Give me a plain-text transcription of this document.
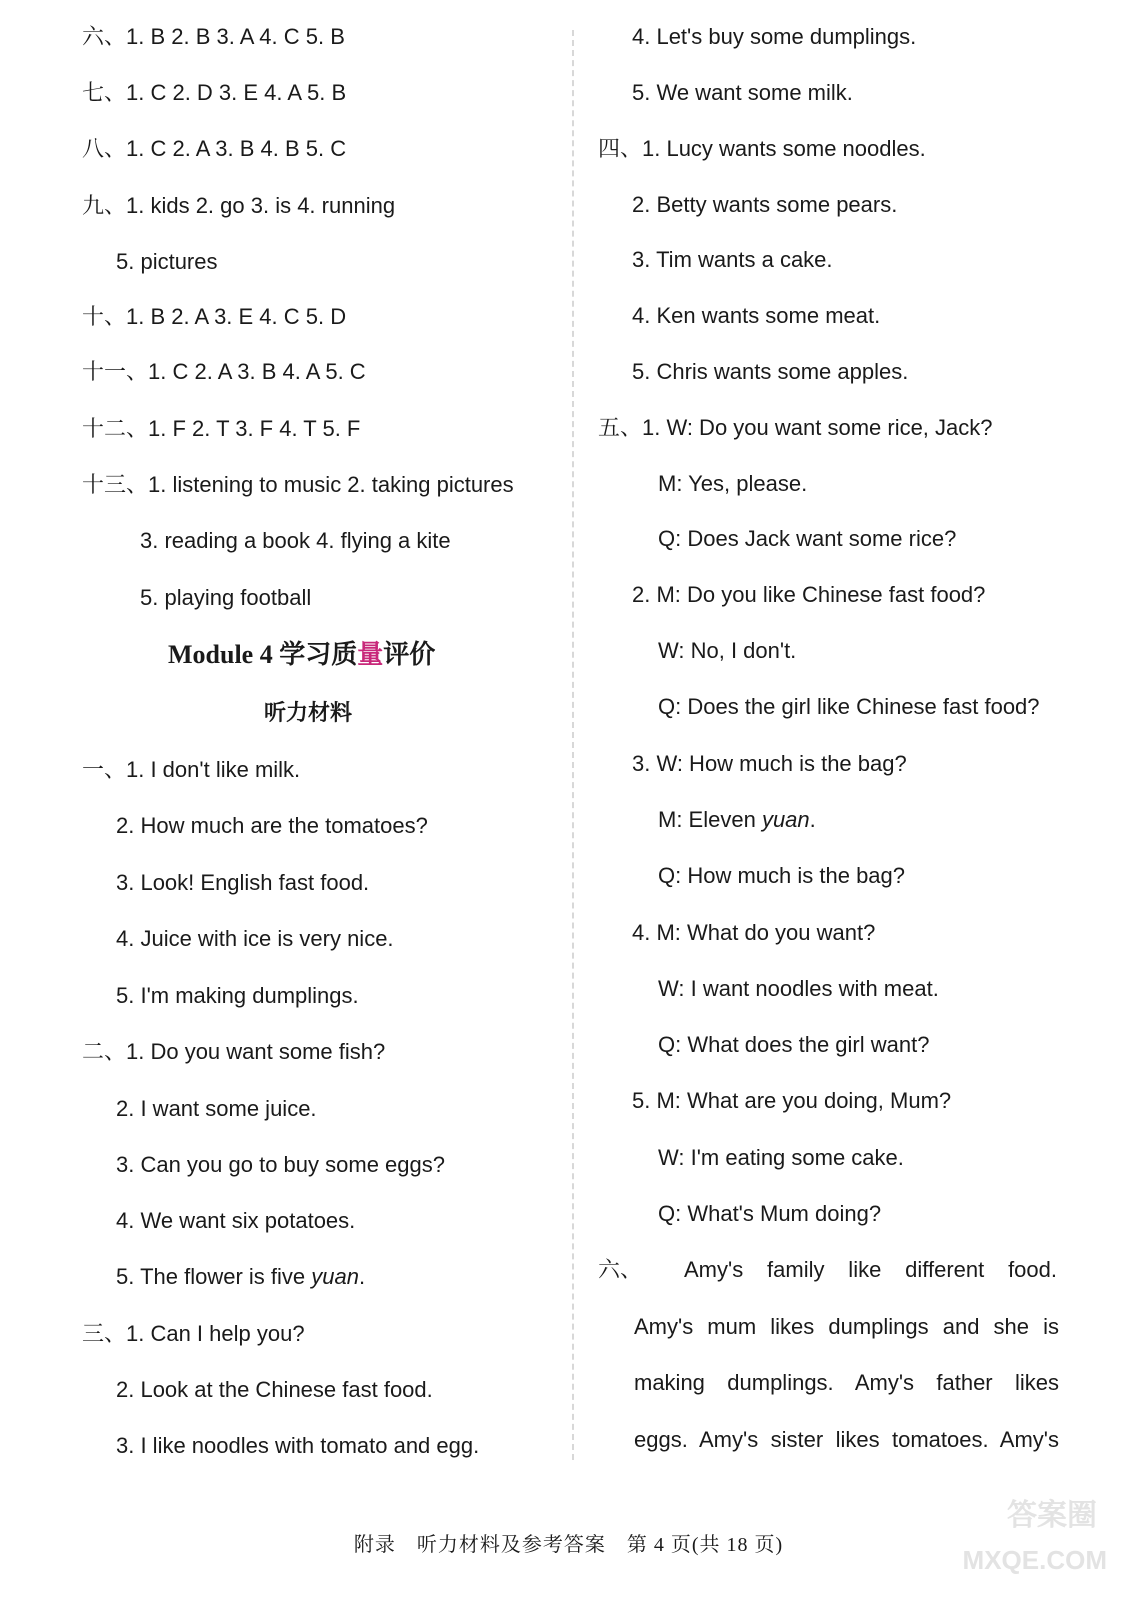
六、1. B 2. B 3. A 4. C 5. B
七、1. C 2. D 3. E 4. A 5. B
八、1. C 2. A 3. B 4. B 5. C
九、1. kids 2. go 3. is 4. running
5. pictures
十、1. B 2. A 3. E 4. C 5. D
十一、1. C 2. A 3. B 4. A 5. C
十二、1. F 2. T 3. F 4. T 5. F
十三、1. listening to music 2. taking pictures
3. reading a book 4. flying a kite
5. playing football
Module 4 学习质量评价
听力材料
一、1. I don't like milk.
2. How much are the tomatoes?
3. Look! English fast food.
4. Juice with ice is very nice.
5. I'm making dumplings.
二、1. Do you want some fish?
2. I want some juice.
3. Can you go to buy some eggs?
4. We want six potatoes.
5. The flower is five yuan.
三、1. Can I help you?
2. Look at the Chinese fast food.
3. I like noodles with tomato and egg.
4. Let's buy some dumplings.
5. We want some milk.
四、1. Lucy wants some noodles.
2. Betty wants some pears.
3. Tim wants a cake.
4. Ken wants some meat.
5. Chris wants some apples.
五、1. W: Do you want some rice, Jack?
M: Yes, please.
Q: Does Jack want some rice?
2. M: Do you like Chinese fast food?
W: No, I don't.
Q: Does the girl like Chinese fast food?
3. W: How much is the bag?
M: Eleven yuan.
Q: How much is the bag?
4. M: What do you want?
W: I want noodles with meat.
Q: What does the girl want?
5. M: What are you doing, Mum?
W: I'm eating some cake.
Q: What's Mum doing?
六、 Amy's family like different food.
Amy's mum likes dumplings and she is
making dumplings. Amy's father likes
eggs. Amy's sister likes tomatoes. Amy's
附录　听力材料及参考答案　第 4 页(共 18 页)
答案圈
MXQE.COM
